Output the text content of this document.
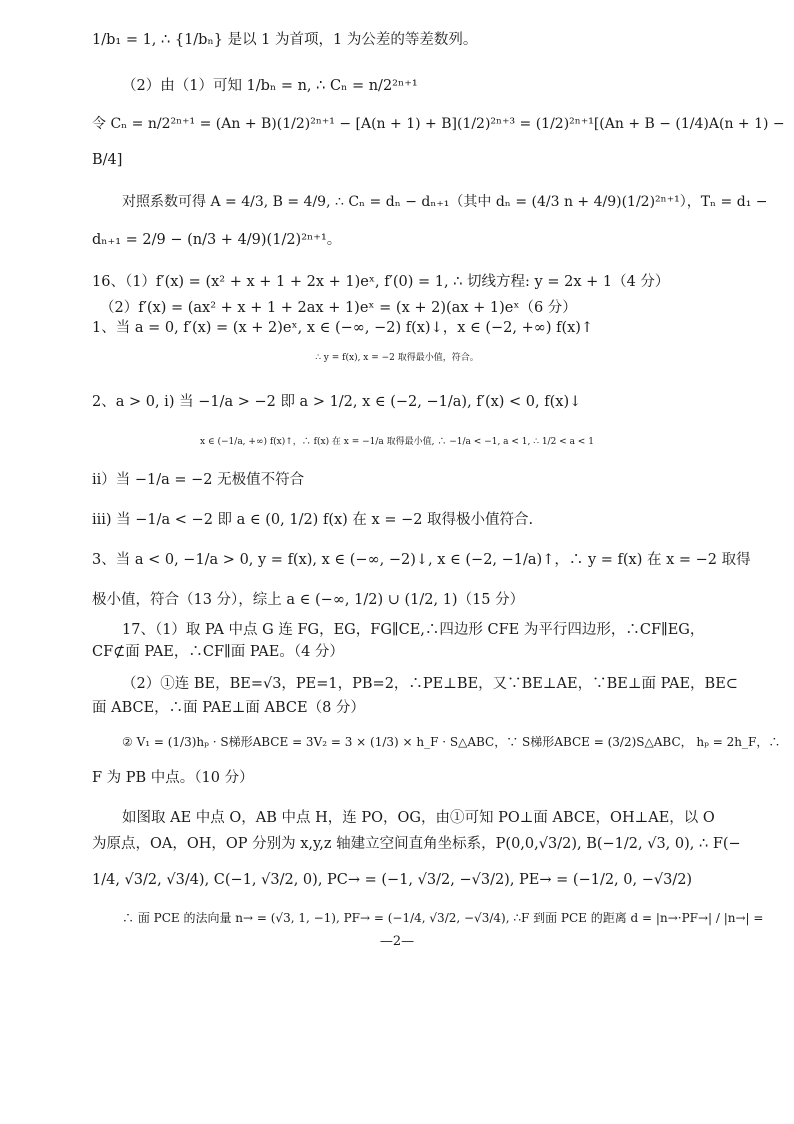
1/b₁ = 1, ∴ {1/bₙ} 是以 1 为首项，1 为公差的等差数列。
（2）由（1）可知 1/bₙ = n, ∴ Cₙ = n/2²ⁿ⁺¹
令 Cₙ = n/2²ⁿ⁺¹ = (An + B)(1/2)²ⁿ⁺¹ − [A(n + 1) + B](1/2)²ⁿ⁺³ = (1/2)²ⁿ⁺¹[(An + B − (1/4)A(n + 1) −
B/4]
对照系数可得 A = 4/3, B = 4/9, ∴ Cₙ = dₙ − dₙ₊₁（其中 dₙ = (4/3 n + 4/9)(1/2)²ⁿ⁺¹），Tₙ = d₁ −
dₙ₊₁ = 2/9 − (n/3 + 4/9)(1/2)²ⁿ⁺¹。
16、（1）f′(x) = (x² + x + 1 + 2x + 1)eˣ, f′(0) = 1, ∴ 切线方程: y = 2x + 1（4 分）
（2）f′(x) = (ax² + x + 1 + 2ax + 1)eˣ = (x + 2)(ax + 1)eˣ（6 分）
1、当 a = 0, f′(x) = (x + 2)eˣ, x ∈ (−∞, −2) f(x)↓，x ∈ (−2, +∞) f(x)↑
∴ y = f(x), x = −2 取得最小值，符合。
2、a > 0, i) 当 −1/a > −2 即 a > 1/2, x ∈ (−2, −1/a), f′(x) < 0, f(x)↓
x ∈ (−1/a, +∞) f(x)↑，∴ f(x) 在 x = −1/a 取得最小值, ∴ −1/a < −1, a < 1, ∴ 1/2 < a < 1
ii）当 −1/a = −2 无极值不符合
iii) 当 −1/a < −2 即 a ∈ (0, 1/2) f(x) 在 x = −2 取得极小值符合.
3、当 a < 0, −1/a > 0, y = f(x), x ∈ (−∞, −2)↓, x ∈ (−2, −1/a)↑，∴ y = f(x) 在 x = −2 取得
极小值，符合（13 分），综上 a ∈ (−∞, 1/2) ∪ (1/2, 1)（15 分）
17、（1）取 PA 中点 G 连 FG，EG，FG∥CE,∴四边形 CFE 为平行四边形，∴CF∥EG，
CF⊄面 PAE，∴CF∥面 PAE。（4 分）
（2）①连 BE，BE=√3，PE=1，PB=2，∴PE⊥BE，又∵BE⊥AE，∵BE⊥面 PAE，BE⊂
面 ABCE，∴面 PAE⊥面 ABCE（8 分）
② V₁ = (1/3)hₚ · S梯形ABCE = 3V₂ = 3 × (1/3) × h_F · S△ABC，∵ S梯形ABCE = (3/2)S△ABC， hₚ = 2h_F，∴
F 为 PB 中点。（10 分）
如图取 AE 中点 O，AB 中点 H，连 PO，OG，由①可知 PO⊥面 ABCE，OH⊥AE，以 O
为原点，OA，OH，OP 分别为 x,y,z 轴建立空间直角坐标系，P(0,0,√3/2), B(−1/2, √3, 0), ∴ F(−
1/4, √3/2, √3/4), C(−1, √3/2, 0), PC→ = (−1, √3/2, −√3/2), PE→ = (−1/2, 0, −√3/2)
∴ 面 PCE 的法向量 n→ = (√3, 1, −1), PF→ = (−1/4, √3/2, −√3/4), ∴F 到面 PCE 的距离 d = |n→·PF→| / |n→| =
—2—
